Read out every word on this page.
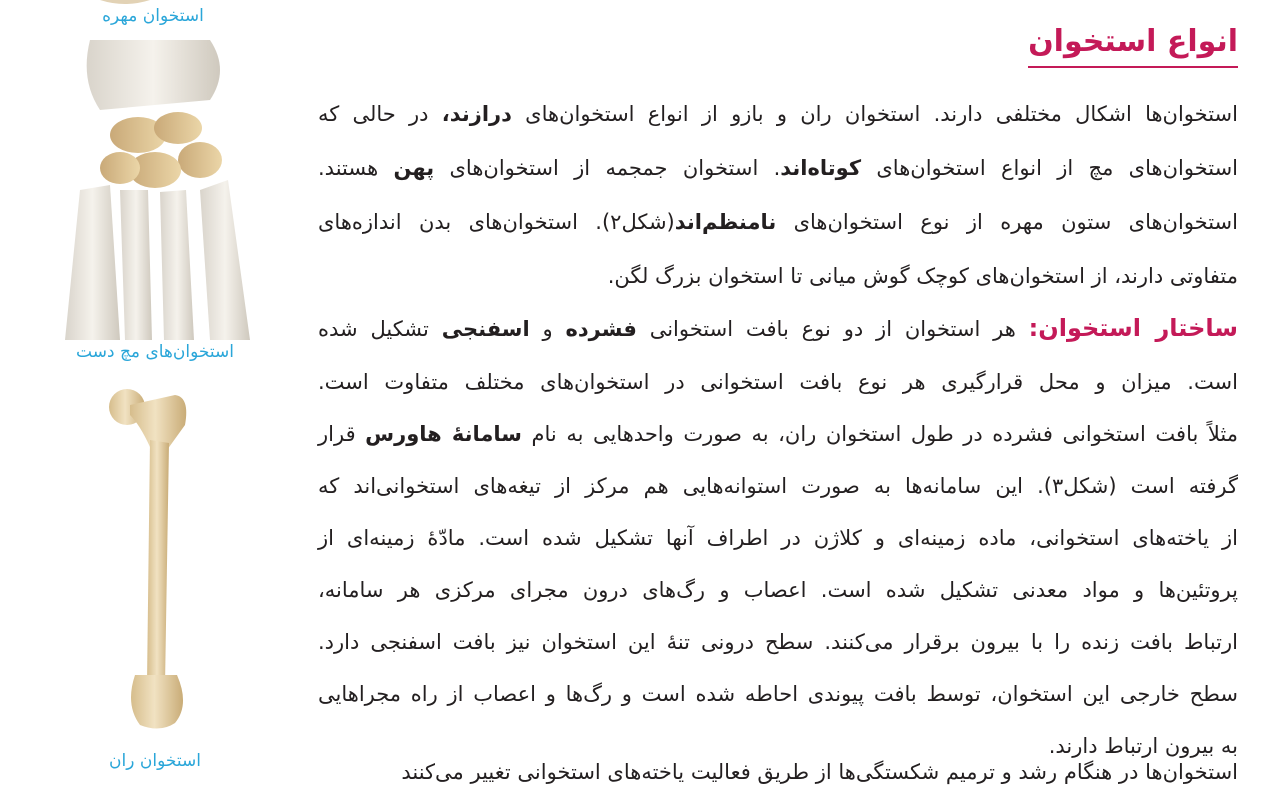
استخوان مهره
استخوان‌های مچ دست
استخوان ران
انواع استخوان
استخوان‌ها اشکال مختلفی دارند. استخوان ران و بازو از انواع استخوان‌های درازند، در حالی که
استخوان‌های مچ از انواع استخوان‌های کوتاه‌اند. استخوان جمجمه از استخوان‌های پهن هستند.
استخوان‌های ستون مهره از نوع استخوان‌های نامنظم‌اند(شکل۲). استخوان‌های بدن اندازه‌های
متفاوتی دارند، از استخوان‌های کوچک گوش میانی تا استخوان بزرگ لگن.
ساختار استخوان: هر استخوان از دو نوع بافت استخوانی فشرده و اسفنجی تشکیل شده
است. میزان و محل قرارگیری هر نوع بافت استخوانی در استخوان‌های مختلف متفاوت است.
مثلاً بافت استخوانی فشرده در طول استخوان ران، به صورت واحدهایی به نام سامانهٔ هاورس قرار
گرفته است (شکل۳). این سامانه‌ها به صورت استوانه‌هایی هم مرکز از تیغه‌های استخوانی‌اند که
از یاخته‌های استخوانی، ماده زمینه‌ای و کلاژن در اطراف آنها تشکیل شده است. مادّهٔ زمینه‌ای از
پروتئین‌ها و مواد معدنی تشکیل شده است. اعصاب و رگ‌های درون مجرای مرکزی هر سامانه،
ارتباط بافت زنده را با بیرون برقرار می‌کنند. سطح درونی تنهٔ این استخوان نیز بافت اسفنجی دارد.
سطح خارجی این استخوان، توسط بافت پیوندی احاطه شده است و رگ‌ها و اعصاب از راه مجراهایی
به بیرون ارتباط دارند.
استخوان‌ها در هنگام رشد و ترمیم شکستگی‌ها از طریق فعالیت یاخته‌های استخوانی تغییر می‌کنند
